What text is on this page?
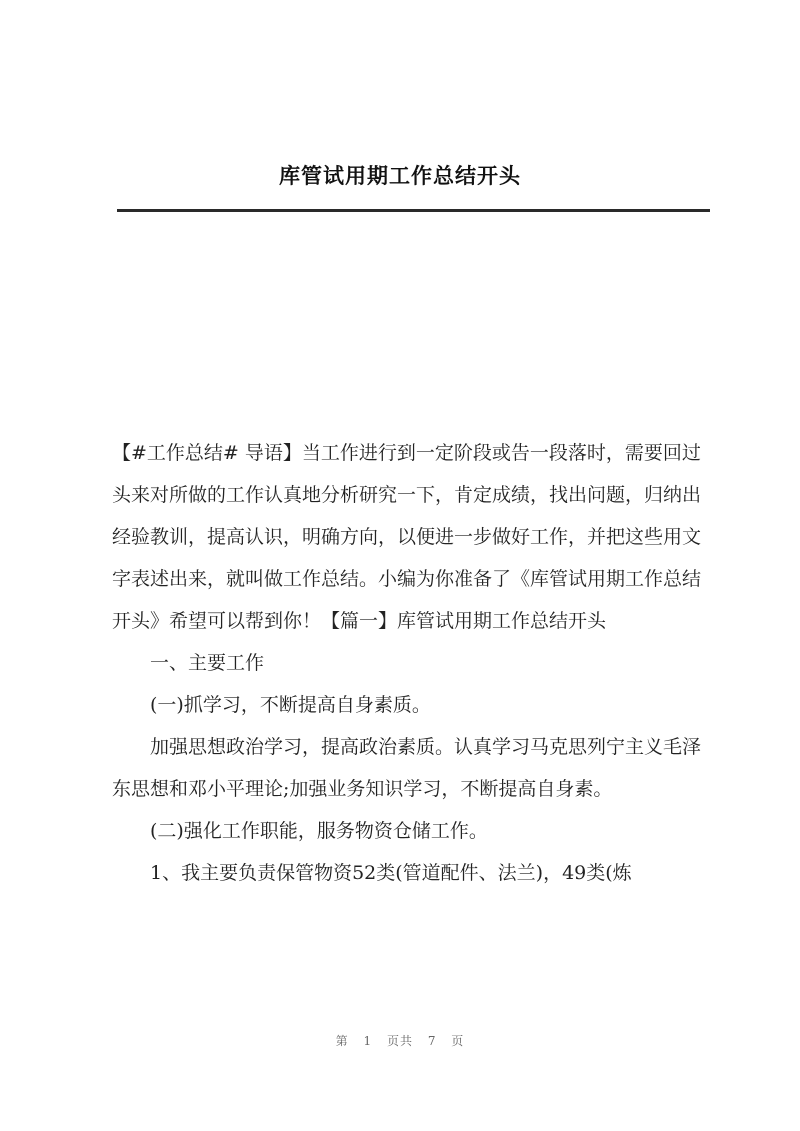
库管试用期工作总结开头

【#工作总结# 导语】当工作进行到一定阶段或告一段落时，需要回过头来对所做的工作认真地分析研究一下，肯定成绩，找出问题，归纳出经验教训，提高认识，明确方向，以便进一步做好工作，并把这些用文字表述出来，就叫做工作总结。小编为你准备了《库管试用期工作总结开头》希望可以帮到你！【篇一】库管试用期工作总结开头

一、主要工作

(一)抓学习，不断提高自身素质。

加强思想政治学习，提高政治素质。认真学习马克思列宁主义毛泽东思想和邓小平理论;加强业务知识学习，不断提高自身素。

(二)强化工作职能，服务物资仓储工作。

1、我主要负责保管物资52类(管道配件、法兰)，49类(炼

第 1 页共 7 页
